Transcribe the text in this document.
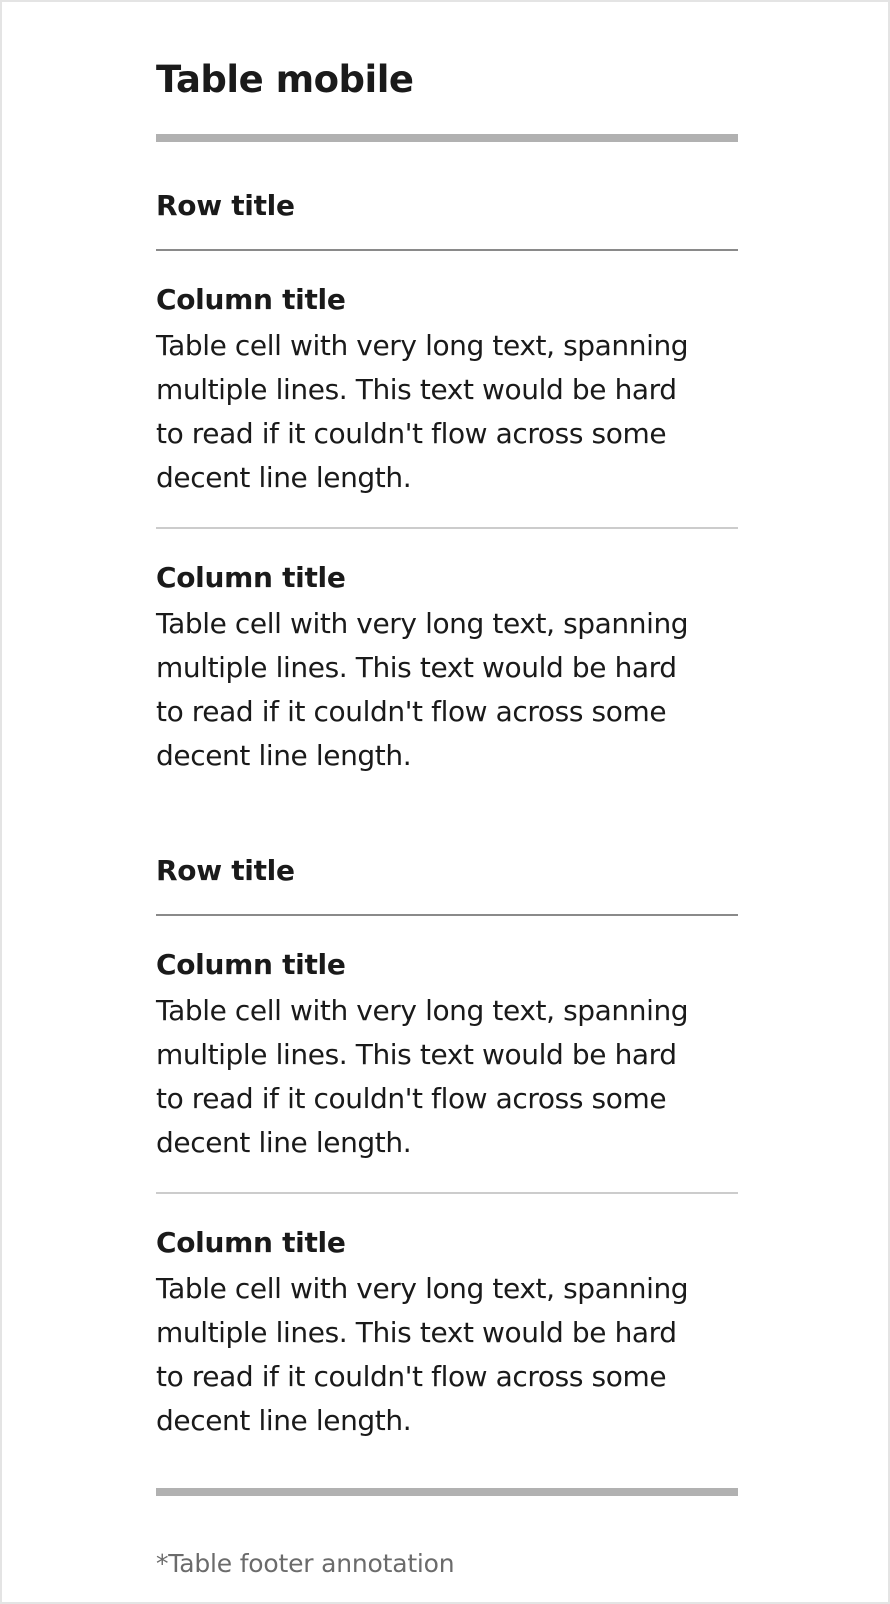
Table mobile
Row title
Column title
Table cell with very long text, spanning multiple lines. This text would be hard to read if it couldn't flow across some decent line length.
Column title
Table cell with very long text, spanning multiple lines. This text would be hard to read if it couldn't flow across some decent line length.
Row title
Column title
Table cell with very long text, spanning multiple lines. This text would be hard to read if it couldn't flow across some decent line length.
Column title
Table cell with very long text, spanning multiple lines. This text would be hard to read if it couldn't flow across some decent line length.
*Table footer annotation
